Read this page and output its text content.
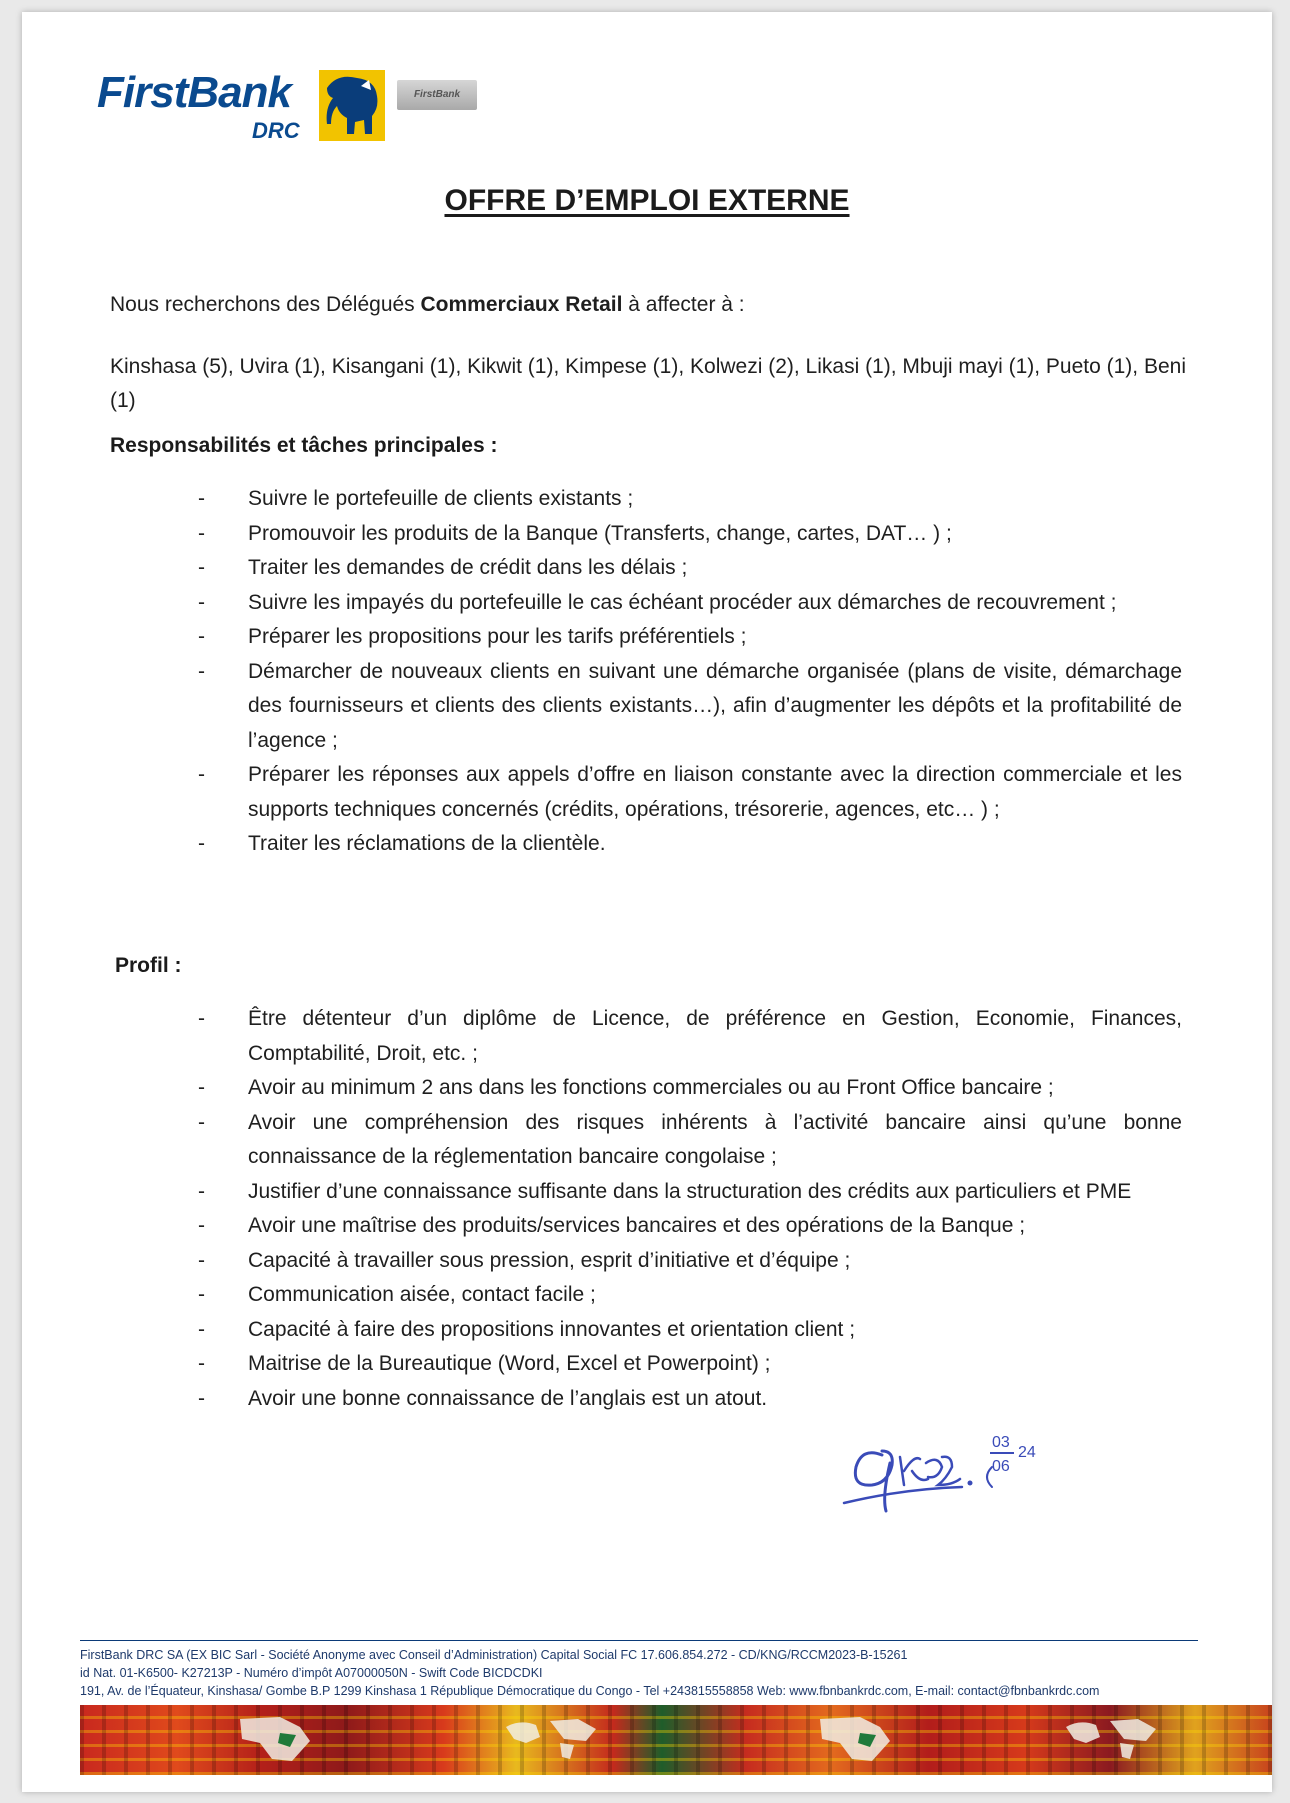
FirstBank
DRC
FirstBank
OFFRE D’EMPLOI EXTERNE
Nous recherchons des Délégués Commerciaux Retail à affecter à :
Kinshasa (5), Uvira (1), Kisangani (1), Kikwit (1), Kimpese (1), Kolwezi (2), Likasi (1), Mbuji mayi (1), Pueto (1), Beni (1)
Responsabilités et tâches principales :
- Suivre le portefeuille de clients existants ;
- Promouvoir les produits de la Banque (Transferts, change, cartes, DAT… ) ;
- Traiter les demandes de crédit dans les délais ;
- Suivre les impayés du portefeuille le cas échéant procéder aux démarches de recouvrement ;
- Préparer les propositions pour les tarifs préférentiels ;
- Démarcher de nouveaux clients en suivant une démarche organisée (plans de visite, démarchage des fournisseurs et clients des clients existants…), afin d’augmenter les dépôts et la profitabilité de l’agence ;
- Préparer les réponses aux appels d’offre en liaison constante avec la direction commerciale et les supports techniques concernés (crédits, opérations, trésorerie, agences, etc… ) ;
- Traiter les réclamations de la clientèle.
Profil :
- Être détenteur d’un diplôme de Licence, de préférence en Gestion, Economie, Finances, Comptabilité, Droit, etc. ;
- Avoir au minimum 2 ans dans les fonctions commerciales ou au Front Office bancaire ;
- Avoir une compréhension des risques inhérents à l’activité bancaire ainsi qu’une bonne connaissance de la réglementation bancaire congolaise ;
- Justifier d’une connaissance suffisante dans la structuration des crédits aux particuliers et PME
- Avoir une maîtrise des produits/services bancaires et des opérations de la Banque ;
- Capacité à travailler sous pression, esprit d’initiative et d’équipe ;
- Communication aisée, contact facile ;
- Capacité à faire des propositions innovantes et orientation client ;
- Maitrise de la Bureautique (Word, Excel et Powerpoint) ;
- Avoir une bonne connaissance de l’anglais est un atout.
03
06
24
FirstBank DRC SA (EX BIC Sarl - Société Anonyme avec Conseil d’Administration) Capital Social FC 17.606.854.272 - CD/KNG/RCCM2023-B-15261
id Nat. 01-K6500- K27213P - Numéro d’impôt A07000050N - Swift Code BICDCDKI
191, Av. de l’Équateur, Kinshasa/ Gombe B.P 1299 Kinshasa 1 République Démocratique du Congo - Tel +243815558858 Web: www.fbnbankrdc.com, E-mail: contact@fbnbankrdc.com
